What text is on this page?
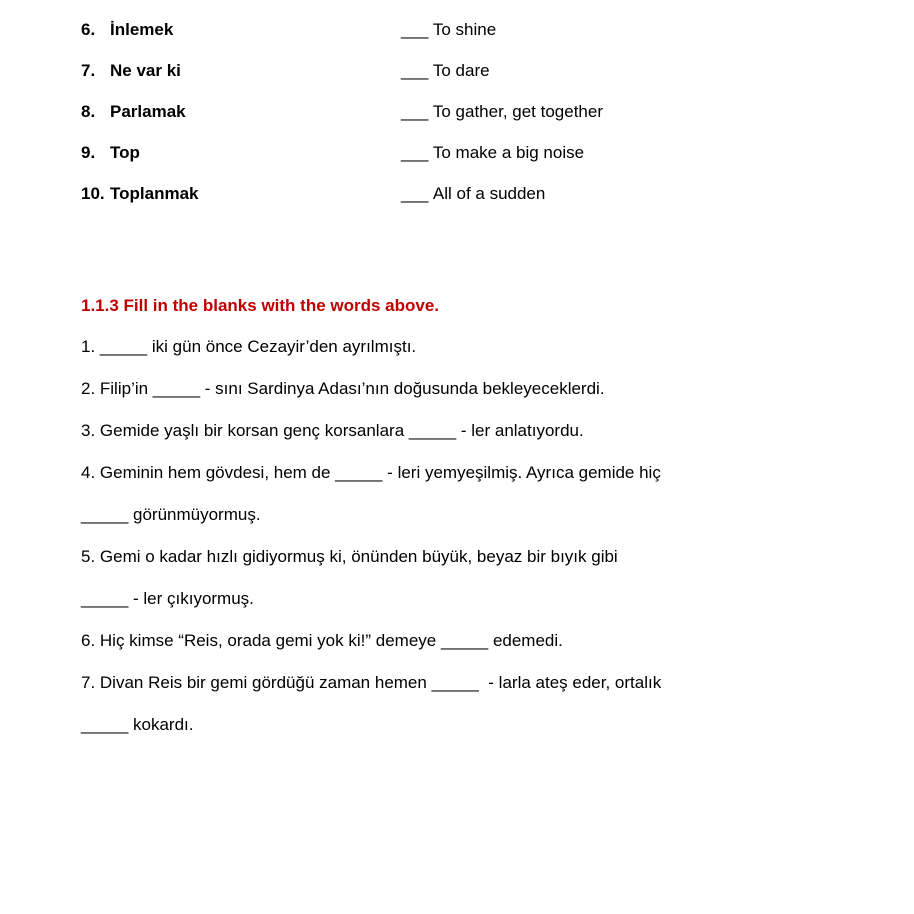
6. İnlemek	___ To shine
7. Ne var ki	___ To dare
8. Parlamak	___ To gather, get together
9. Top	___ To make a big noise
10. Toplanmak	___ All of a sudden

1.1.3 Fill in the blanks with the words above.

1. _____ iki gün önce Cezayir’den ayrılmıştı.
2. Filip’in _____ - sını Sardinya Adası’nın doğusunda bekleyeceklerdi.
3. Gemide yaşlı bir korsan genç korsanlara _____ - ler anlatıyordu.
4. Geminin hem gövdesi, hem de _____ - leri yemyeşilmiş. Ayrıca gemide hiç
_____ görünmüyormuş.
5. Gemi o kadar hızlı gidiyormuş ki, önünden büyük, beyaz bir bıyık gibi
_____ - ler çıkıyormuş.
6. Hiç kimse “Reis, orada gemi yok ki!” demeye _____ edemedi.
7. Divan Reis bir gemi gördüğü zaman hemen _____  - larla ateş eder, ortalık
_____ kokardı.
